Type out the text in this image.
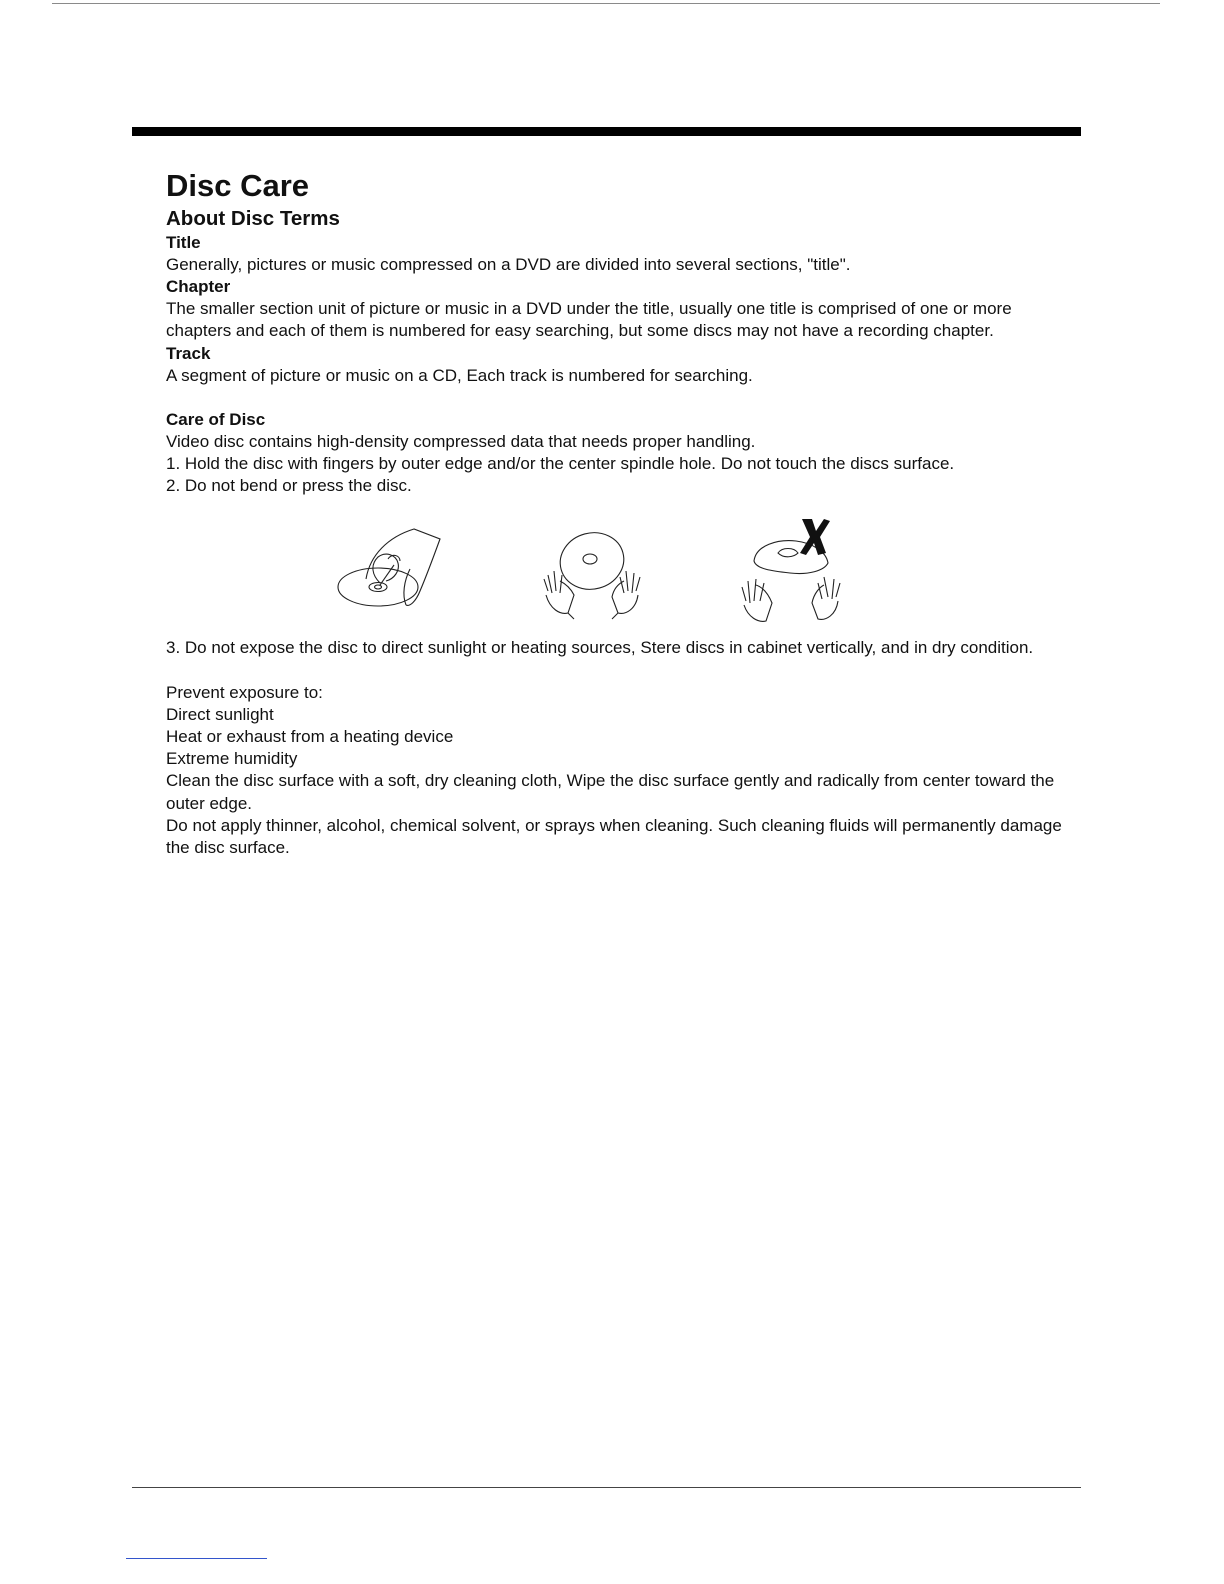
Disc Care
About Disc Terms
Title

Generally, pictures or music compressed on a DVD are divided into several sections, "title".

Chapter

The smaller section unit of picture or music in a DVD under the title, usually one title is comprised of one or more chapters and each of them is numbered for easy searching, but some discs may not have a recording chapter.

Track

A segment of picture or music on a CD, Each track is numbered for searching.

Care of Disc

Video disc contains high-density compressed data that needs proper handling.

1. Hold the disc with fingers by outer edge and/or the center spindle hole. Do not touch the discs surface.

2. Do not bend or press the disc.

3. Do not expose the disc to direct sunlight or heating sources, Stere discs in cabinet vertically, and in dry condition.

Prevent exposure to:

Direct sunlight

Heat or exhaust from a heating device

Extreme humidity

Clean the disc surface with a soft, dry cleaning cloth, Wipe the disc surface gently and radically from center toward the outer edge.

Do not apply thinner, alcohol, chemical solvent, or sprays when cleaning. Such cleaning fluids will permanently damage the disc surface.
